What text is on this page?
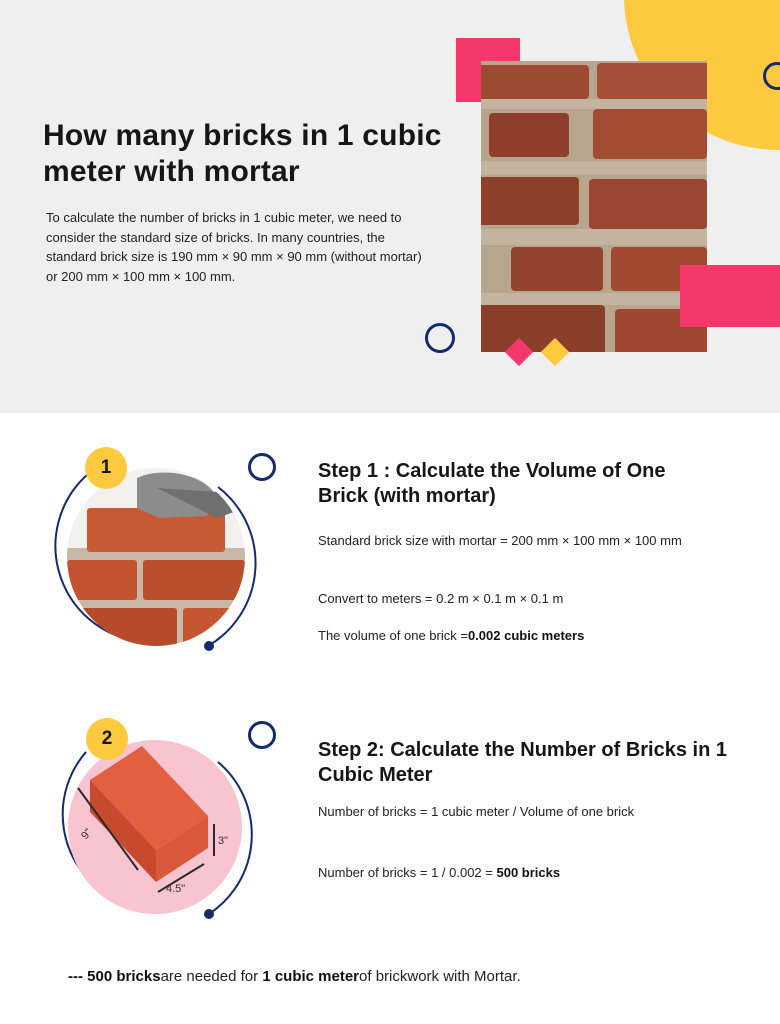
How many bricks in 1 cubic meter with mortar

To calculate the number of bricks in 1 cubic meter, we need to consider the standard size of bricks. In many countries, the standard brick size is 190 mm × 90 mm × 90 mm (without mortar) or 200 mm × 100 mm × 100 mm.

1	Step 1 : Calculate the Volume of One Brick (with mortar)

Standard brick size with mortar = 200 mm × 100 mm × 100 mm

Convert to meters = 0.2 m × 0.1 m × 0.1 m

The volume of one brick =0.002 cubic meters

9"
4.5"
3"
2
Step 2: Calculate the Number of Bricks in 1 Cubic Meter

Number of bricks = 1 cubic meter / Volume of one brick

Number of bricks = 1 / 0.002 = 500 bricks

--- 500 bricksare needed for 1 cubic meterof brickwork with Mortar.
